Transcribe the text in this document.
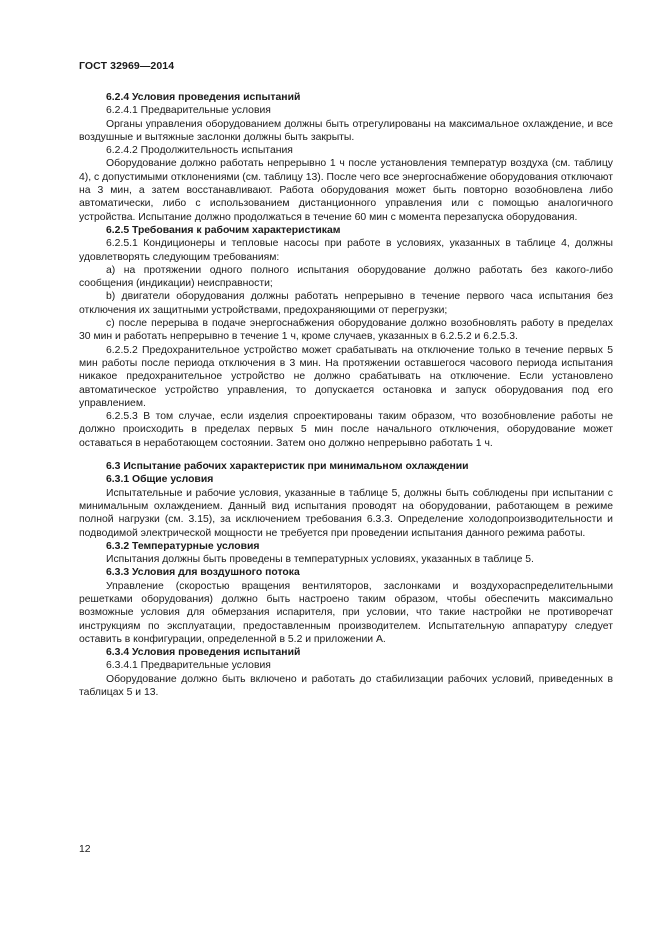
ГОСТ 32969—2014

6.2.4 Условия проведения испытаний

6.2.4.1 Предварительные условия

Органы управления оборудованием должны быть отрегулированы на максимальное охлаждение, и все воздушные и вытяжные заслонки должны быть закрыты.

6.2.4.2 Продолжительность испытания

Оборудование должно работать непрерывно 1 ч после установления температур воздуха (см. таблицу 4), с допустимыми отклонениями (см. таблицу 13). После чего все энергоснабжение оборудования отключают на 3 мин, а затем восстанавливают. Работа оборудования может быть повторно возобновлена либо автоматически, либо с использованием дистанционного управления или с помощью аналогичного устройства. Испытание должно продолжаться в течение 60 мин с момента перезапуска оборудования.

6.2.5 Требования к рабочим характеристикам

6.2.5.1 Кондиционеры и тепловые насосы при работе в условиях, указанных в таблице 4, должны удовлетворять следующим требованиям:

а) на протяжении одного полного испытания оборудование должно работать без какого-либо сообщения (индикации) неисправности;

b) двигатели оборудования должны работать непрерывно в течение первого часа испытания без отключения их защитными устройствами, предохраняющими от перегрузки;

с) после перерыва в подаче энергоснабжения оборудование должно возобновлять работу в пределах 30 мин и работать непрерывно в течение 1 ч, кроме случаев, указанных в 6.2.5.2 и 6.2.5.3.

6.2.5.2 Предохранительное устройство может срабатывать на отключение только в течение первых 5 мин работы после периода отключения в 3 мин. На протяжении оставшегося часового периода испытания никакое предохранительное устройство не должно срабатывать на отключение. Если установлено автоматическое устройство управления, то допускается остановка и запуск оборудования под его управлением.

6.2.5.3 В том случае, если изделия спроектированы таким образом, что возобновление работы не должно происходить в пределах первых 5 мин после начального отключения, оборудование может оставаться в неработающем состоянии. Затем оно должно непрерывно работать 1 ч.

6.3 Испытание рабочих характеристик при минимальном охлаждении

6.3.1 Общие условия

Испытательные и рабочие условия, указанные в таблице 5, должны быть соблюдены при испытании с минимальным охлаждением. Данный вид испытания проводят на оборудовании, работающем в режиме полной нагрузки (см. 3.15), за исключением требования 6.3.3. Определение холодопроизводительности и подводимой электрической мощности не требуется при проведении испытания данного режима работы.

6.3.2 Температурные условия

Испытания должны быть проведены в температурных условиях, указанных в таблице 5.

6.3.3 Условия для воздушного потока

Управление (скоростью вращения вентиляторов, заслонками и воздухораспределительными решетками оборудования) должно быть настроено таким образом, чтобы обеспечить максимально возможные условия для обмерзания испарителя, при условии, что такие настройки не противоречат инструкциям по эксплуатации, предоставленным производителем. Испытательную аппаратуру следует оставить в конфигурации, определенной в 5.2 и приложении А.

6.3.4 Условия проведения испытаний

6.3.4.1 Предварительные условия

Оборудование должно быть включено и работать до стабилизации рабочих условий, приведенных в таблицах 5 и 13.

12
